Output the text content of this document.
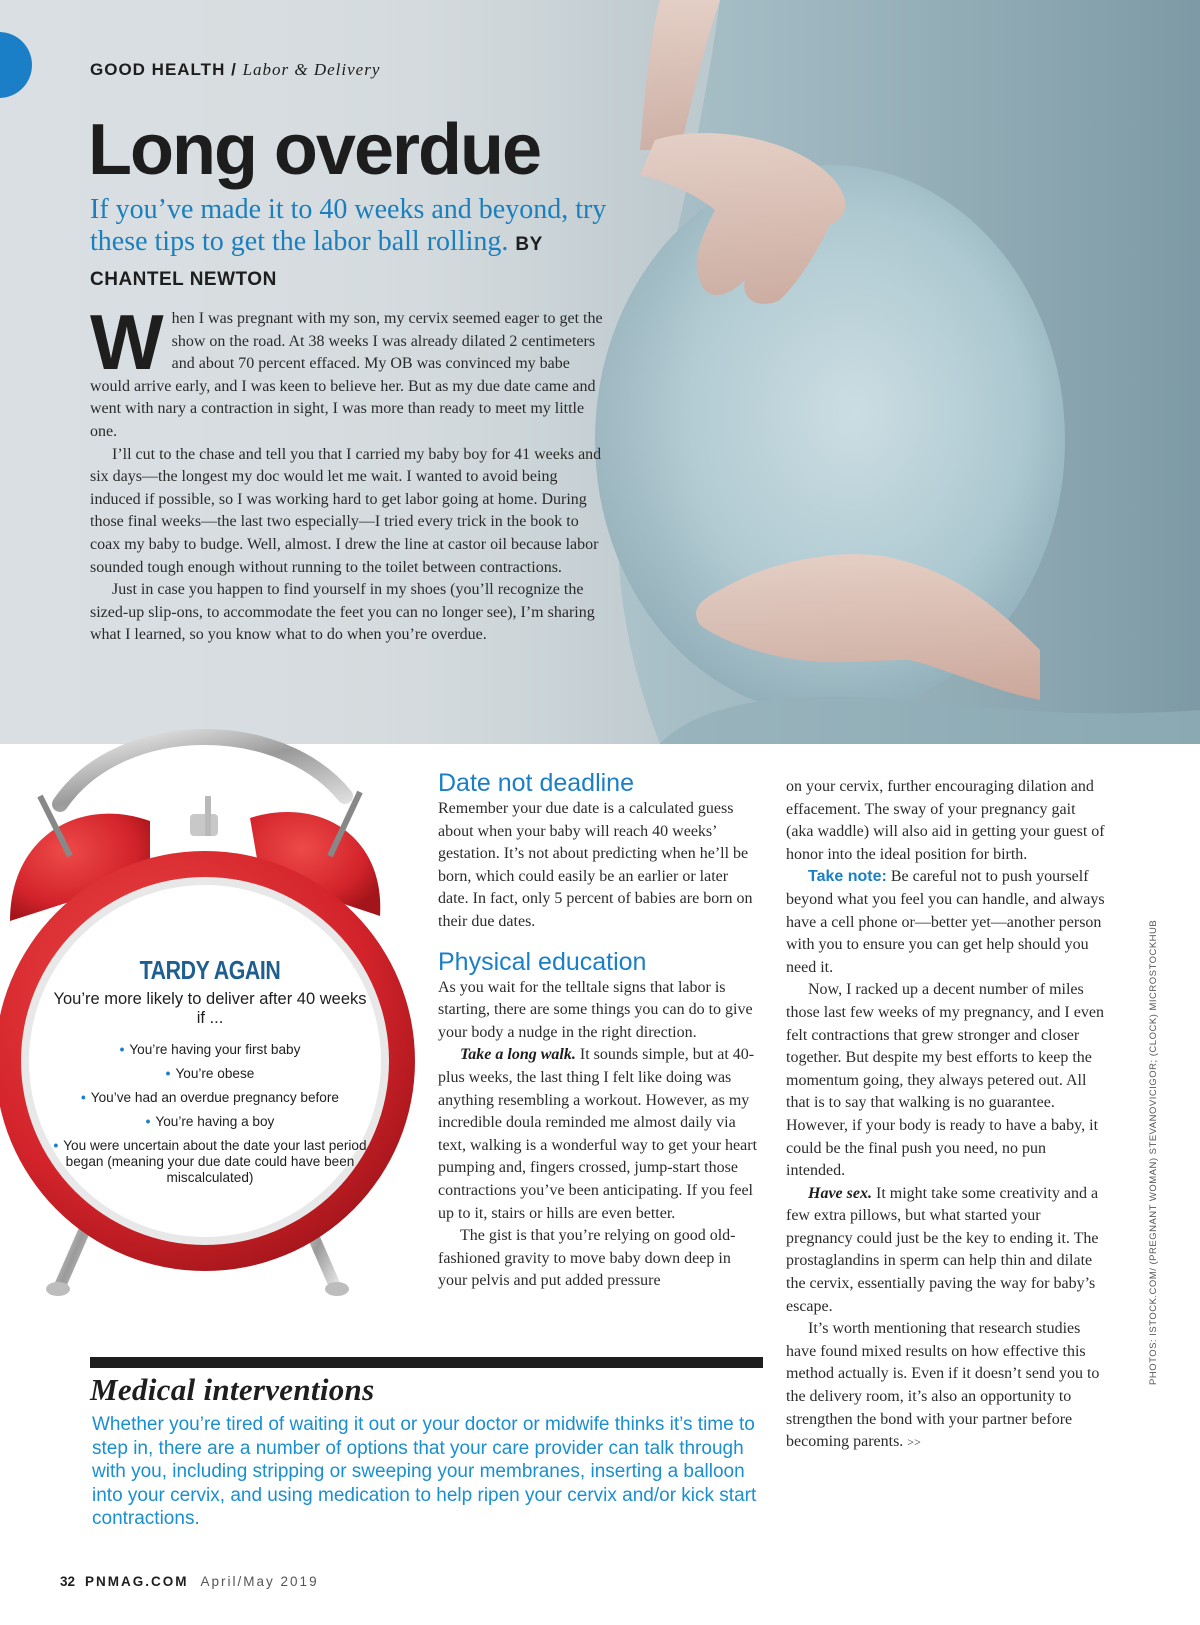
GOOD HEALTH / Labor & Delivery

Long overdue

If you’ve made it to 40 weeks and beyond, try these tips to get the labor ball rolling. BY CHANTEL NEWTON

When I was pregnant with my son, my cervix seemed eager to get the show on the road. At 38 weeks I was already dilated 2 centimeters and about 70 percent effaced. My OB was convinced my babe would arrive early, and I was keen to believe her. But as my due date came and went with nary a contraction in sight, I was more than ready to meet my little one.

I’ll cut to the chase and tell you that I carried my baby boy for 41 weeks and six days—the longest my doc would let me wait. I wanted to avoid being induced if possible, so I was working hard to get labor going at home. During those final weeks—the last two especially—I tried every trick in the book to coax my baby to budge. Well, almost. I drew the line at castor oil because labor sounded tough enough without running to the toilet between contractions.

Just in case you happen to find yourself in my shoes (you’ll recognize the sized-up slip-ons, to accommodate the feet you can no longer see), I’m sharing what I learned, so you know what to do when you’re overdue.

TARDY AGAIN

You’re more likely to deliver after 40 weeks if ...

• You’re having your first baby
• You’re obese
• You’ve had an overdue pregnancy before
• You’re having a boy
• You were uncertain about the date your last period began (meaning your due date could have been miscalculated)
Date not deadline

Remember your due date is a calculated guess about when your baby will reach 40 weeks’ gestation. It’s not about predicting when he’ll be born, which could easily be an earlier or later date. In fact, only 5 percent of babies are born on their due dates.

Physical education

As you wait for the telltale signs that labor is starting, there are some things you can do to give your body a nudge in the right direction.

Take a long walk. It sounds simple, but at 40-plus weeks, the last thing I felt like doing was anything resembling a workout. However, as my incredible doula reminded me almost daily via text, walking is a wonderful way to get your heart pumping and, fingers crossed, jump-start those contractions you’ve been anticipating. If you feel up to it, stairs or hills are even better.

The gist is that you’re relying on good old-fashioned gravity to move baby down deep in your pelvis and put added pressure

on your cervix, further encouraging dilation and effacement. The sway of your pregnancy gait (aka waddle) will also aid in getting your guest of honor into the ideal position for birth.

Take note: Be careful not to push yourself beyond what you feel you can handle, and always have a cell phone or—better yet—another person with you to ensure you can get help should you need it.

Now, I racked up a decent number of miles those last few weeks of my pregnancy, and I even felt contractions that grew stronger and closer together. But despite my best efforts to keep the momentum going, they always petered out. All that is to say that walking is no guarantee. However, if your body is ready to have a baby, it could be the final push you need, no pun intended.

Have sex. It might take some creativity and a few extra pillows, but what started your pregnancy could just be the key to ending it. The prostaglandins in sperm can help thin and dilate the cervix, essentially paving the way for baby’s escape.

It’s worth mentioning that research studies have found mixed results on how effective this method actually is. Even if it doesn’t send you to the delivery room, it’s also an opportunity to strengthen the bond with your partner before becoming parents. >>

Medical interventions

Whether you’re tired of waiting it out or your doctor or midwife thinks it’s time to step in, there are a number of options that your care provider can talk through with you, including stripping or sweeping your membranes, inserting a balloon into your cervix, and using medication to help ripen your cervix and/or kick start contractions.

PHOTOS: ISTOCK.COM/ (PREGNANT WOMAN) STEVANOVICIGOR; (CLOCK) MICROSTOCKHUB
32 PNMAG.COM April/May 2019
